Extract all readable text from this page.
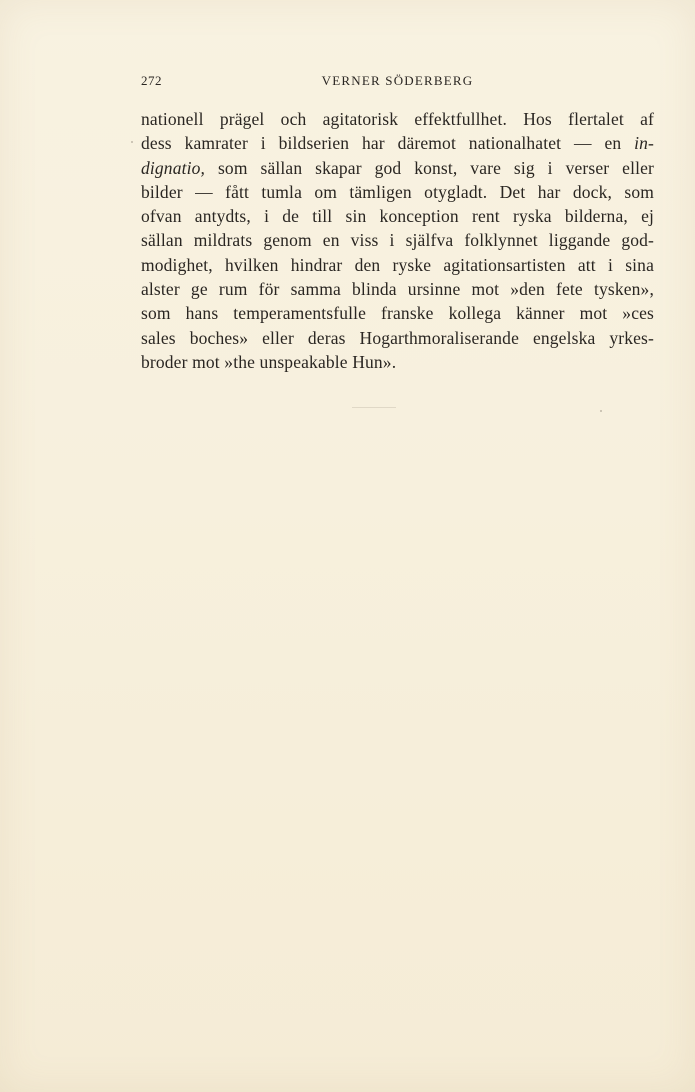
272	VERNER SÖDERBERG
nationell prägel och agitatorisk effektfullhet. Hos flertalet af
dess kamrater i bildserien har däremot nationalhatet — en in-
dignatio, som sällan skapar god konst, vare sig i verser eller
bilder — fått tumla om tämligen otygladt. Det har dock, som
ofvan antydts, i de till sin konception rent ryska bilderna, ej
sällan mildrats genom en viss i själfva folklynnet liggande god-
modighet, hvilken hindrar den ryske agitationsartisten att i sina
alster ge rum för samma blinda ursinne mot »den fete tysken»,
som hans temperamentsfulle franske kollega känner mot »ces
sales boches» eller deras Hogarthmoraliserande engelska yrkes-
broder mot »the unspeakable Hun».
